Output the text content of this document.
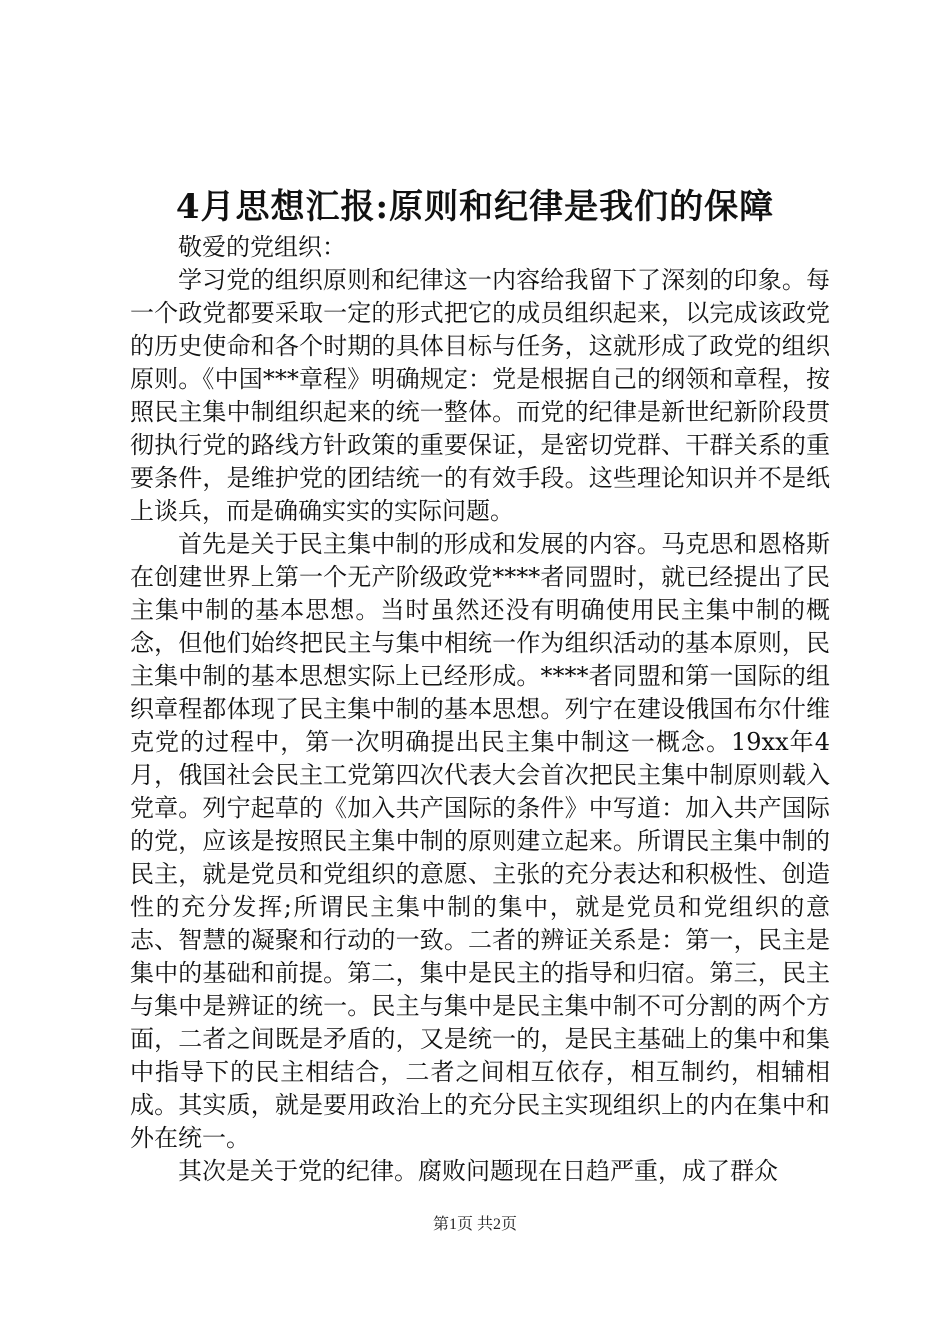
4月思想汇报:原则和纪律是我们的保障

敬爱的党组织：

学习党的组织原则和纪律这一内容给我留下了深刻的印象。每一个政党都要采取一定的形式把它的成员组织起来，以完成该政党的历史使命和各个时期的具体目标与任务，这就形成了政党的组织原则。《中国***章程》明确规定：党是根据自己的纲领和章程，按照民主集中制组织起来的统一整体。而党的纪律是新世纪新阶段贯彻执行党的路线方针政策的重要保证，是密切党群、干群关系的重要条件，是维护党的团结统一的有效手段。这些理论知识并不是纸上谈兵，而是确确实实的实际问题。

首先是关于民主集中制的形成和发展的内容。马克思和恩格斯在创建世界上第一个无产阶级政党****者同盟时，就已经提出了民主集中制的基本思想。当时虽然还没有明确使用民主集中制的概念，但他们始终把民主与集中相统一作为组织活动的基本原则，民主集中制的基本思想实际上已经形成。****者同盟和第一国际的组织章程都体现了民主集中制的基本思想。列宁在建设俄国布尔什维克党的过程中，第一次明确提出民主集中制这一概念。19xx年4月，俄国社会民主工党第四次代表大会首次把民主集中制原则载入党章。列宁起草的《加入共产国际的条件》中写道：加入共产国际的党，应该是按照民主集中制的原则建立起来。所谓民主集中制的民主，就是党员和党组织的意愿、主张的充分表达和积极性、创造性的充分发挥;所谓民主集中制的集中，就是党员和党组织的意志、智慧的凝聚和行动的一致。二者的辨证关系是：第一，民主是集中的基础和前提。第二，集中是民主的指导和归宿。第三，民主与集中是辨证的统一。民主与集中是民主集中制不可分割的两个方面，二者之间既是矛盾的，又是统一的，是民主基础上的集中和集中指导下的民主相结合，二者之间相互依存，相互制约，相辅相成。其实质，就是要用政治上的充分民主实现组织上的内在集中和外在统一。

其次是关于党的纪律。腐败问题现在日趋严重，成了群众

第1页 共2页
